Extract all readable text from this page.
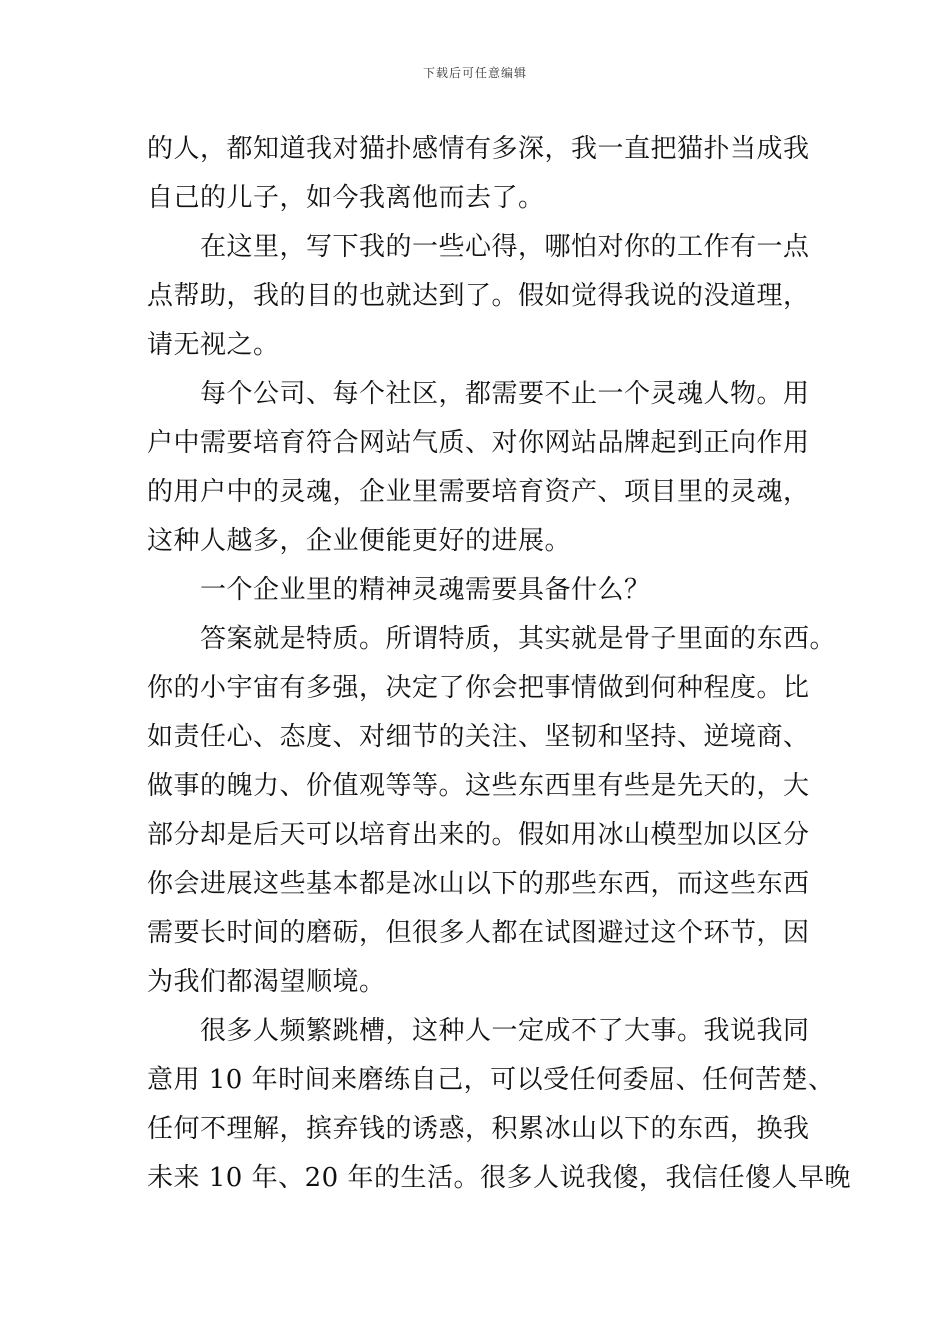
下载后可任意编辑
的人，都知道我对猫扑感情有多深，我一直把猫扑当成我
自己的儿子，如今我离他而去了。
　　在这里，写下我的一些心得，哪怕对你的工作有一点
点帮助，我的目的也就达到了。假如觉得我说的没道理，
请无视之。
　　每个公司、每个社区，都需要不止一个灵魂人物。用
户中需要培育符合网站气质、对你网站品牌起到正向作用
的用户中的灵魂，企业里需要培育资产、项目里的灵魂，
这种人越多，企业便能更好的进展。
　　一个企业里的精神灵魂需要具备什么？
　　答案就是特质。所谓特质，其实就是骨子里面的东西。
你的小宇宙有多强，决定了你会把事情做到何种程度。比
如责任心、态度、对细节的关注、坚韧和坚持、逆境商、
做事的魄力、价值观等等。这些东西里有些是先天的，大
部分却是后天可以培育出来的。假如用冰山模型加以区分
你会进展这些基本都是冰山以下的那些东西，而这些东西
需要长时间的磨砺，但很多人都在试图避过这个环节，因
为我们都渴望顺境。
　　很多人频繁跳槽，这种人一定成不了大事。我说我同
意用 10 年时间来磨练自己，可以受任何委屈、任何苦楚、
任何不理解，摈弃钱的诱惑，积累冰山以下的东西，换我
未来 10 年、20 年的生活。很多人说我傻，我信任傻人早晚
